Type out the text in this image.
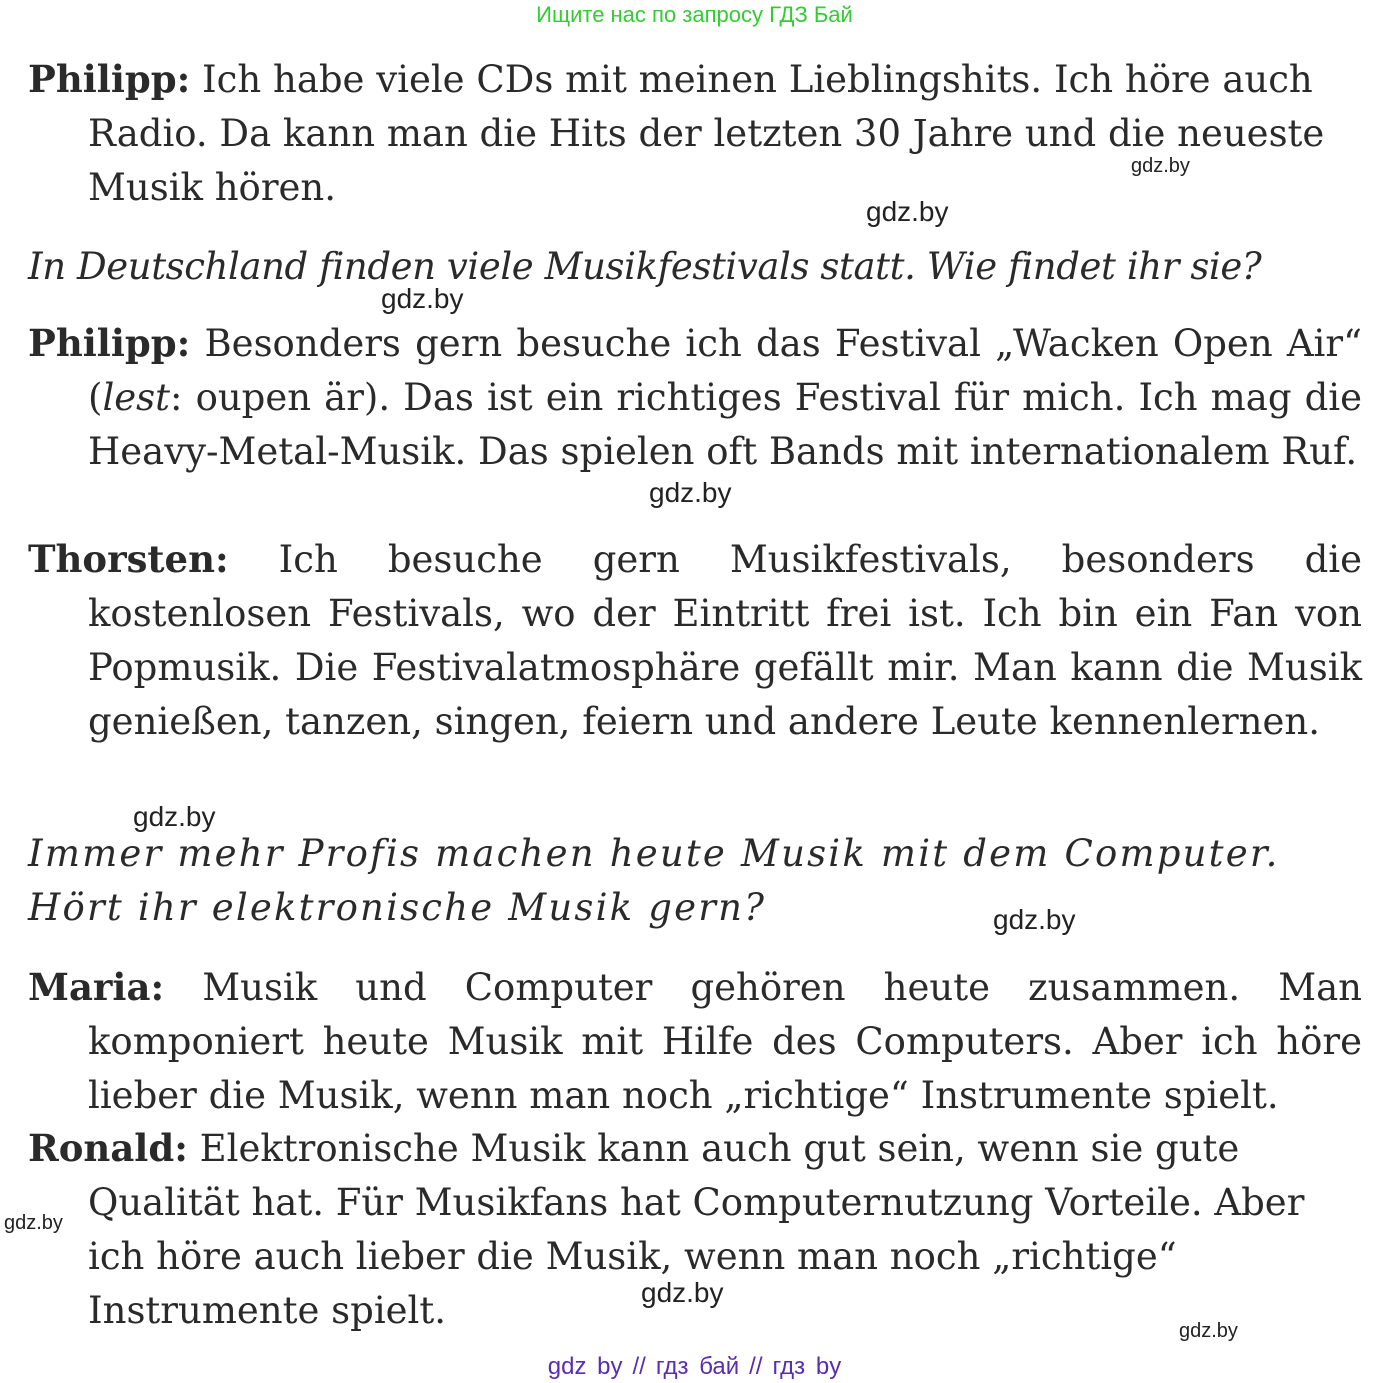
Ищите нас по запросу ГДЗ Бай

Philipp: Ich habe viele CDs mit meinen Lieblingshits. Ich höre auch Radio. Da kann man die Hits der letzten 30 Jahre und die neueste Musik hören.

In Deutschland finden viele Musikfestivals statt. Wie findet ihr sie?

Philipp: Besonders gern besuche ich das Festival „Wacken Open Air“ (lest: oupen är). Das ist ein richtiges Festival für mich. Ich mag die Heavy-Metal-Musik. Das spielen oft Bands mit internationalem Ruf.

Thorsten: Ich besuche gern Musikfestivals, besonders die kostenlosen Festivals, wo der Eintritt frei ist. Ich bin ein Fan von Popmusik. Die Festivalatmosphäre gefällt mir. Man kann die Musik genießen, tanzen, singen, feiern und andere Leute kennenlernen.

Immer mehr Profis machen heute Musik mit dem Computer.

Hört ihr elektronische Musik gern?

Maria: Musik und Computer gehören heute zusammen. Man komponiert heute Musik mit Hilfe des Computers. Aber ich höre lieber die Musik, wenn man noch „richtige“ Instrumente spielt.

Ronald: Elektronische Musik kann auch gut sein, wenn sie gute Qualität hat. Für Musikfans hat Computernutzung Vorteile. Aber ich höre auch lieber die Musik, wenn man noch „richtige“ Instrumente spielt.

gdz.by
gdz.by
gdz.by
gdz.by
gdz.by
gdz.by
gdz.by
gdz.by
gdz.by
gdz by // гдз бай // гдз by
